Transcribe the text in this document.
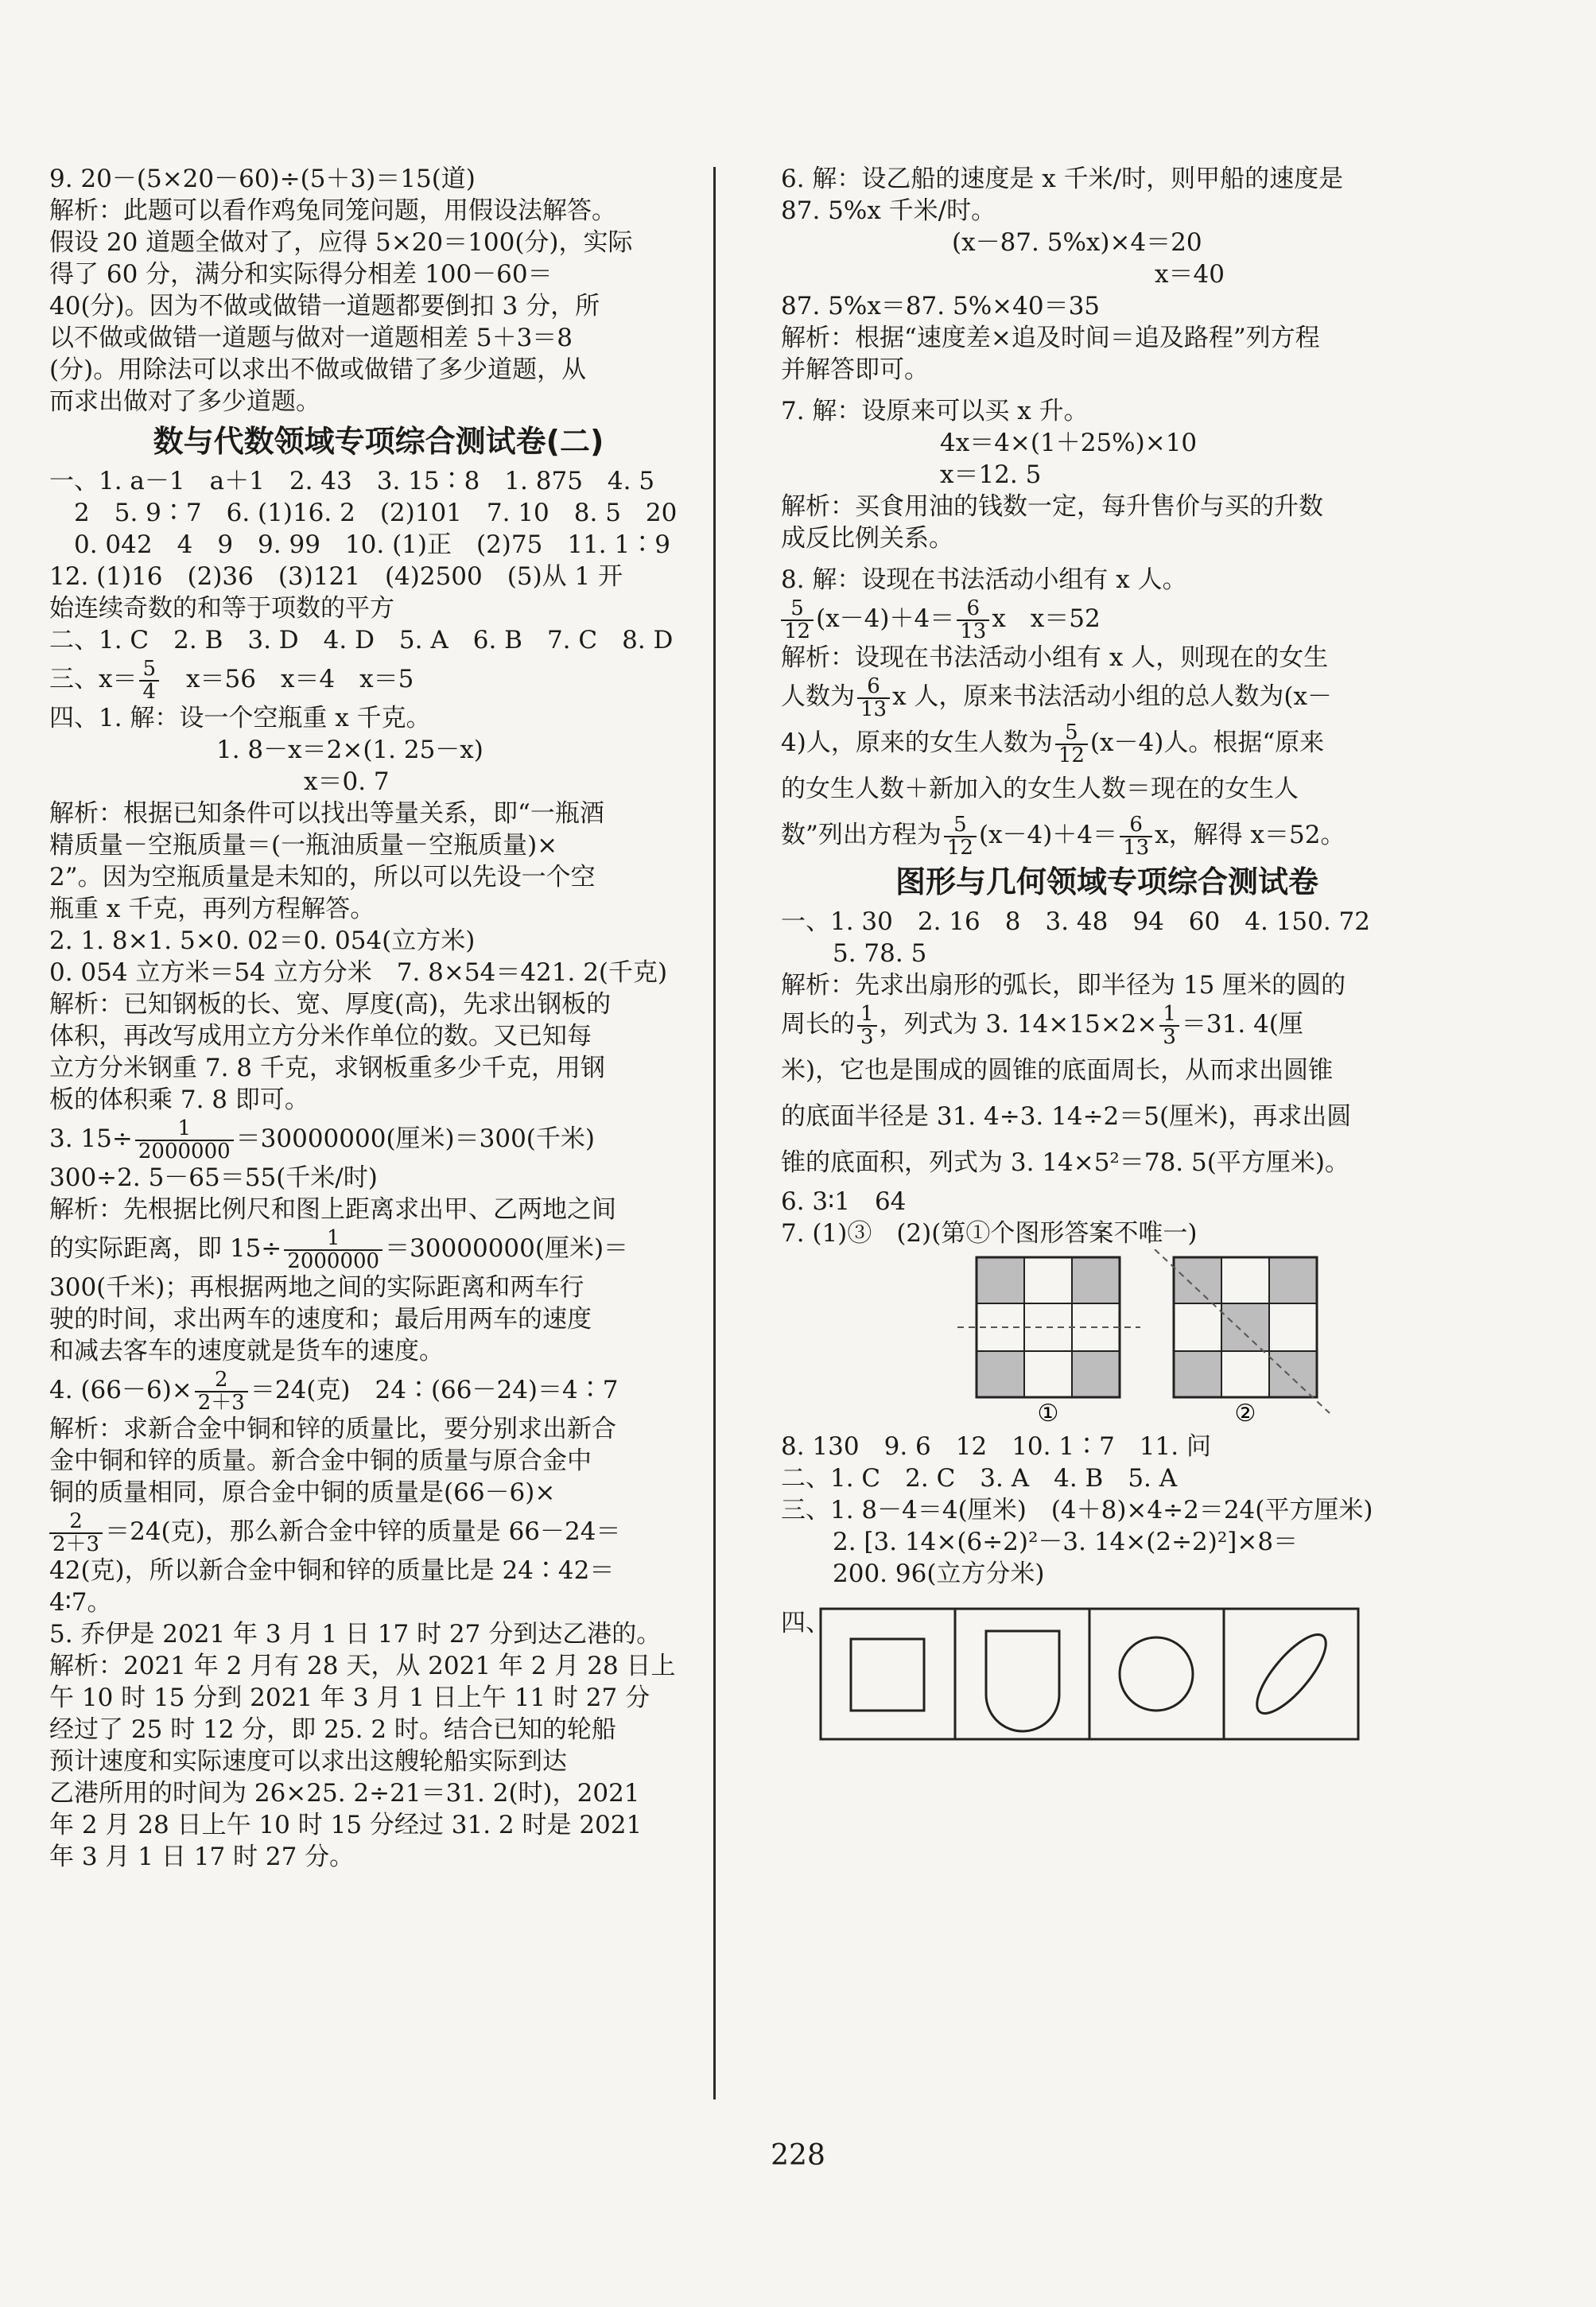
9. 20－(5×20－60)÷(5＋3)＝15(道)
解析：此题可以看作鸡兔同笼问题，用假设法解答。
假设 20 道题全做对了，应得 5×20＝100(分)，实际
得了 60 分，满分和实际得分相差 100－60＝
40(分)。因为不做或做错一道题都要倒扣 3 分，所
以不做或做错一道题与做对一道题相差 5＋3＝8
(分)。用除法可以求出不做或做错了多少道题，从
而求出做对了多少道题。
数与代数领域专项综合测试卷(二)
一、1. a－1　a＋1　2. 43　3. 15∶8　1. 875　4. 5
　2　5. 9∶7　6. (1)16. 2　(2)101　7. 10　8. 5　20
　0. 042　4　9　9. 99　10. (1)正　(2)75　11. 1∶9
12. (1)16　(2)36　(3)121　(4)2500　(5)从 1 开
始连续奇数的和等于项数的平方
二、1. C　2. B　3. D　4. D　5. A　6. B　7. C　8. D
三、$x= \frac{5}{4}$ 　x＝56　x＝4　x＝5
四、1. 解：设一个空瓶重 x 千克。
1. 8－x＝2×(1. 25－x)
x＝0. 7
解析：根据已知条件可以找出等量关系，即“一瓶酒
精质量－空瓶质量＝(一瓶油质量－空瓶质量)×
2”。因为空瓶质量是未知的，所以可以先设一个空
瓶重 x 千克，再列方程解答。
2. 1. 8×1. 5×0. 02＝0. 054(立方米)
0. 054 立方米＝54 立方分米　7. 8×54＝421. 2(千克)
解析：已知钢板的长、宽、厚度(高)，先求出钢板的
体积，再改写成用立方分米作单位的数。又已知每
立方分米钢重 7. 8 千克，求钢板重多少千克，用钢
板的体积乘 7. 8 即可。
3. $15\div \frac{1}{2000000} =30000000$(厘米)＝300(千米)
300÷2. 5－65＝55(千米/时)
解析：先根据比例尺和图上距离求出甲、乙两地之间
的实际距离，即 $15\div \frac{1}{2000000} =30000000$(厘米)＝
300(千米)；再根据两地之间的实际距离和两车行
驶的时间，求出两车的速度和；最后用两车的速度
和减去客车的速度就是货车的速度。
4. $(66-6)\times \frac{2}{2+3} =24$(克)　24∶(66－24)＝4∶7
解析：求新合金中铜和锌的质量比，要分别求出新合
金中铜和锌的质量。新合金中铜的质量与原合金中
铜的质量相同，原合金中铜的质量是(66－6)×
$\frac{2}{2+3} =24$(克)，那么新合金中锌的质量是 66－24＝
42(克)，所以新合金中铜和锌的质量比是 24∶42＝
4∶7。
5. 乔伊是 2021 年 3 月 1 日 17 时 27 分到达乙港的。
解析：2021 年 2 月有 28 天，从 2021 年 2 月 28 日上
午 10 时 15 分到 2021 年 3 月 1 日上午 11 时 27 分
经过了 25 时 12 分，即 25. 2 时。结合已知的轮船
预计速度和实际速度可以求出这艘轮船实际到达
乙港所用的时间为 26×25. 2÷21＝31. 2(时)，2021
年 2 月 28 日上午 10 时 15 分经过 31. 2 时是 2021
年 3 月 1 日 17 时 27 分。
6. 解：设乙船的速度是 x 千米/时，则甲船的速度是
87. 5%x 千米/时。
(x－87. 5%x)×4＝20
x＝40
87. 5%x＝87. 5%×40＝35
解析：根据“速度差×追及时间＝追及路程”列方程
并解答即可。
7. 解：设原来可以买 x 升。
4x＝4×(1＋25%)×10
x＝12. 5
解析：买食用油的钱数一定，每升售价与买的升数
成反比例关系。
8. 解：设现在书法活动小组有 x 人。
$\frac{5}{12} (x-4)+4= \frac{6}{13}$ x　x＝52
解析：设现在书法活动小组有 x 人，则现在的女生
人数为 $\frac{6}{13}$ x 人，原来书法活动小组的总人数为(x－
4)人，原来的女生人数为 $\frac{5}{12} (x-4)$人。根据“原来
的女生人数＋新加入的女生人数＝现在的女生人
数”列出方程为 $\frac{5}{12} (x-4)+4= \frac{6}{13}$ x，解得 x＝52。
图形与几何领域专项综合测试卷
一、1. 30　2. 16　8　3. 48　94　60　4. 150. 72
5. 78. 5
解析：先求出扇形的弧长，即半径为 15 厘米的圆的
周长的 $\frac{1}{3}$ ，列式为 3. $14\times 15\times 2\times \frac{1}{3} =31$. 4(厘
米)，它也是围成的圆锥的底面周长，从而求出圆锥
的底面半径是 31. 4÷3. 14÷2＝5(厘米)，再求出圆
锥的底面积，列式为 3. 14×5²＝78. 5(平方厘米)。
6. 3∶1　64
7. (1)③　(2)(第①个图形答案不唯一)
①	②
8. 130　9. 6　12　10. 1∶7　11. 问
二、1. C　2. C　3. A　4. B　5. A
三、1. 8－4＝4(厘米)　(4＋8)×4÷2＝24(平方厘米)
2. [3. 14×(6÷2)²－3. 14×(2÷2)²]×8＝
200. 96(立方分米)
四、
228
